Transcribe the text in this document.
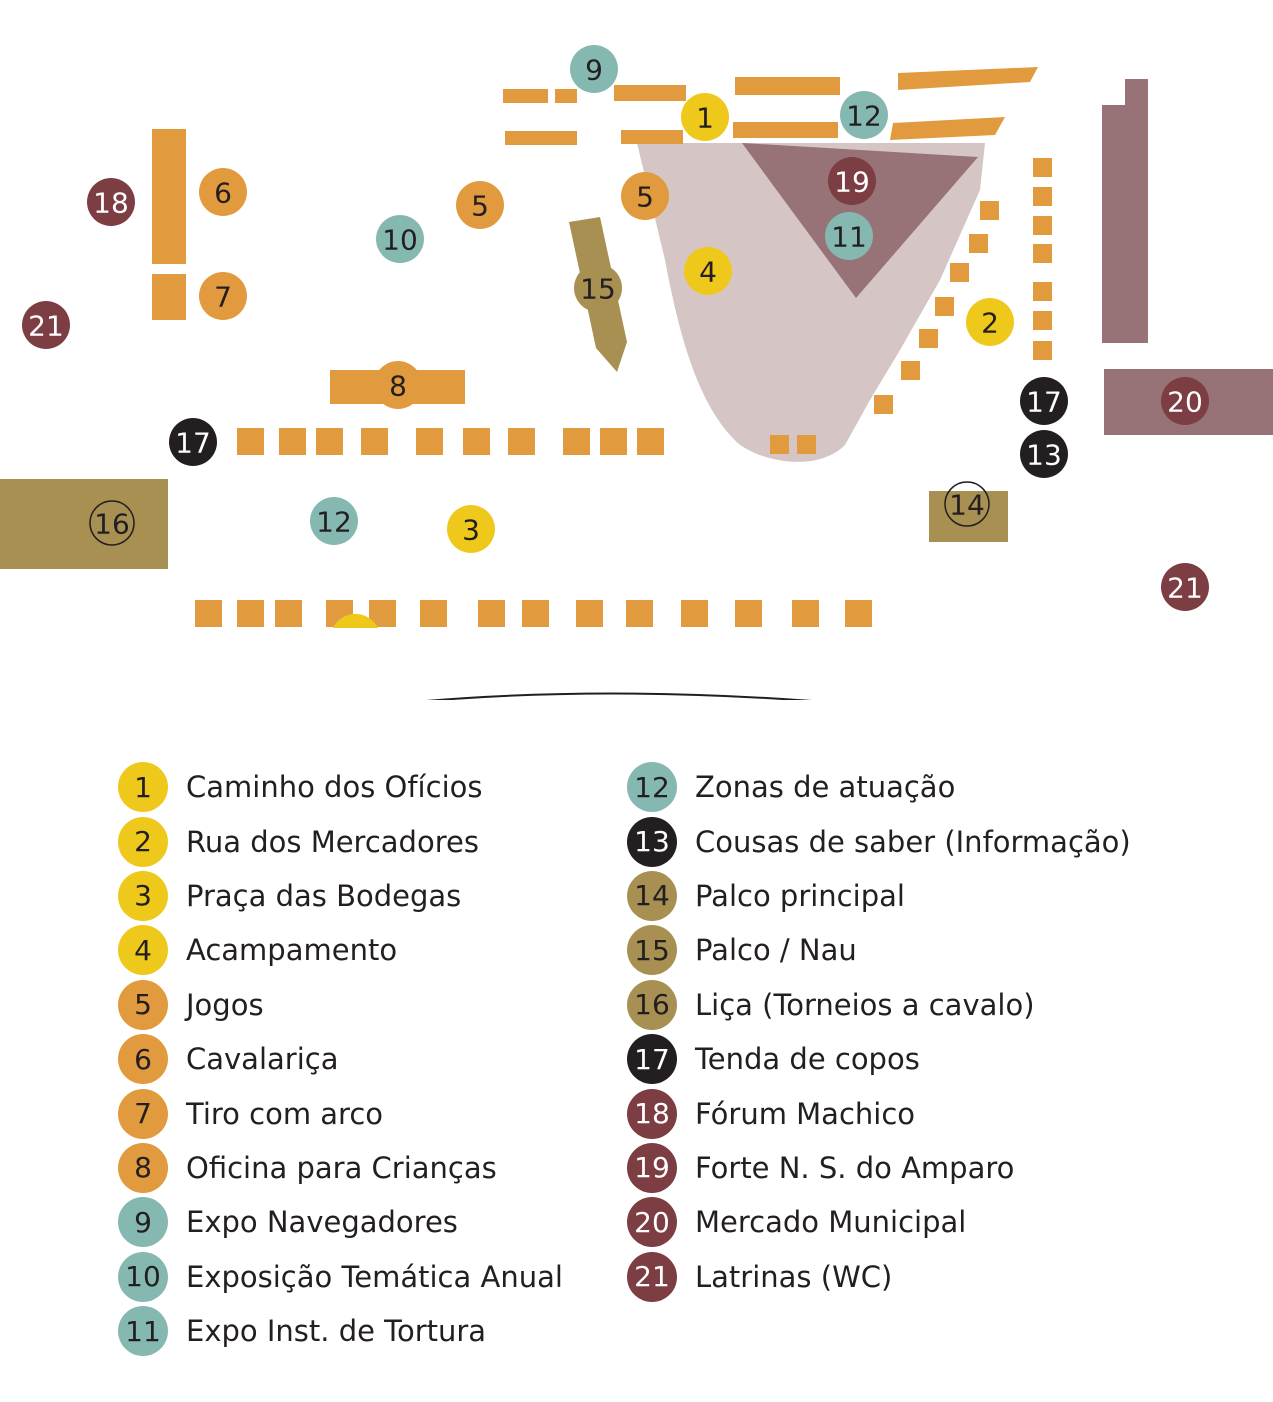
1
2
3
4
5	5
6
7
8
9
10	11
12
12
13
14
15
16
17
17
18
19
20
21
21
1	Caminho dos Ofícios
2	Rua dos Mercadores
3	Praça das Bodegas
4	Acampamento
5	Jogos
6	Cavalariça
7	Tiro com arco
8	Oficina para Crianças
9	Expo Navegadores
10 Exposição Temática Anual
11 Expo Inst. de Tortura
12 Zonas de atuação
13 Cousas de saber (Informação)
14 Palco principal
15 Palco / Nau
16 Liça (Torneios a cavalo)
17 Tenda de copos
18 Fórum Machico
19 Forte N. S. do Amparo
20 Mercado Municipal
21 Latrinas (WC)
